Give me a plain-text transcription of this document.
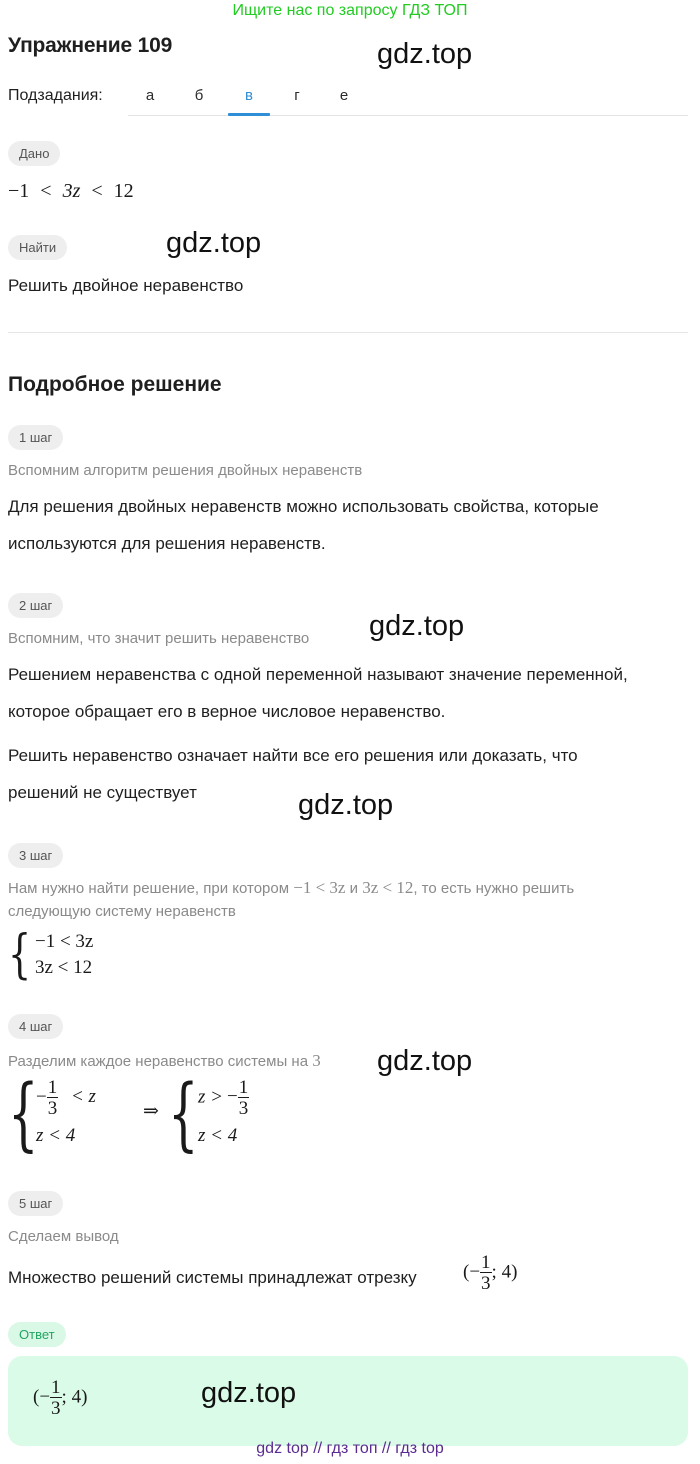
Ищите нас по запросу ГДЗ ТОП
Упражнение 109	gdz.top
Подзадания:	а	б	в	г	е
Дано
−1 < 3z < 12
Найти	gdz.top
Решить двойное неравенство
Подробное решение
1 шаг
Вспомним алгоритм решения двойных неравенств
Для решения двойных неравенств можно использовать свойства, которые
используются для решения неравенств.
2 шаг
Вспомним, что значит решить неравенство gdz.top
Решением неравенства с одной переменной называют значение переменной,
которое обращает его в верное числовое неравенство.
Решить неравенство означает найти все его решения или доказать, что
решений не существует	gdz.top
3 шаг
Нам нужно найти решение, при котором −1 < 3z и 3z < 12, то есть нужно решить
следующую систему неравенств
{ −1 < 3z
3z < 12
4 шаг
Разделим каждое неравенство системы на 3 gdz.top
{
− $\frac{1}{3} < z$
z < 4
⇒ { z > − $\frac{1}{3}$
z < 4
5 шаг
Сделаем вывод
Множество решений системы принадлежат отрезку (− $\frac{1}{3}$ ; 4)
Ответ
(− $\frac{1}{3}$ ; 4)	gdz.top
gdz top // гдз топ // гдз top
